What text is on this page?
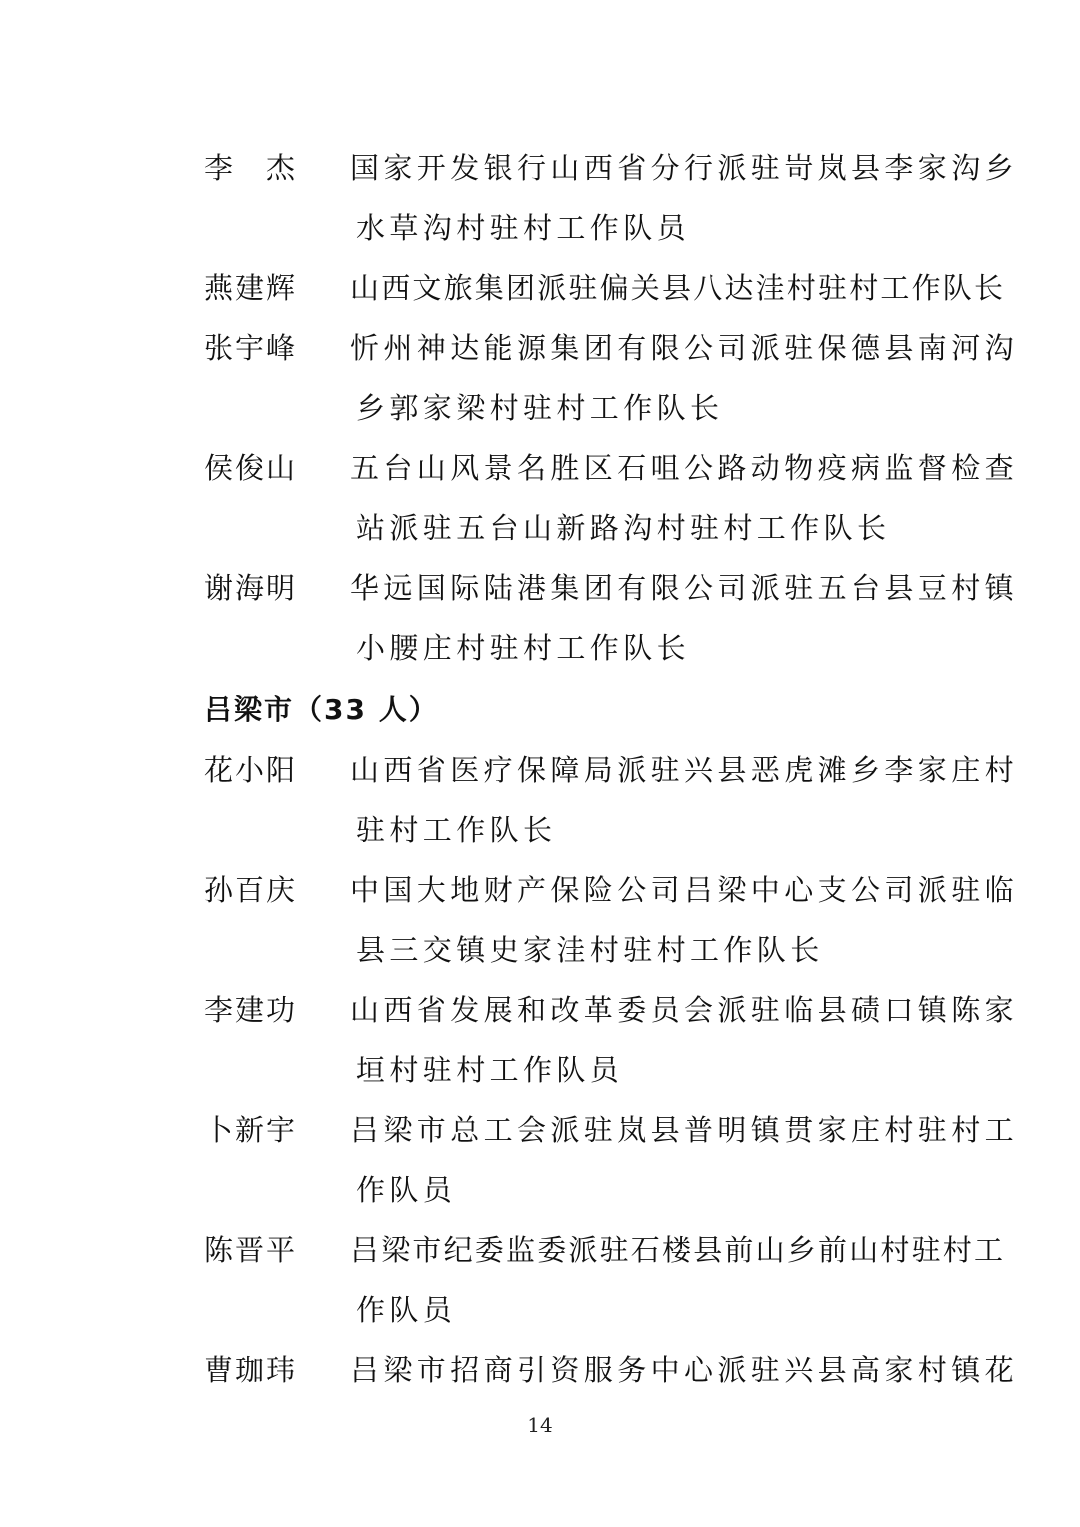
李　杰 国家开发银行山西省分行派驻岢岚县李家沟乡
水草沟村驻村工作队员
燕建辉 山西文旅集团派驻偏关县八达洼村驻村工作队长
张宇峰 忻州神达能源集团有限公司派驻保德县南河沟
乡郭家梁村驻村工作队长
侯俊山 五台山风景名胜区石咀公路动物疫病监督检查
站派驻五台山新路沟村驻村工作队长
谢海明 华远国际陆港集团有限公司派驻五台县豆村镇
小腰庄村驻村工作队长
吕梁市（33 人）
花小阳 山西省医疗保障局派驻兴县恶虎滩乡李家庄村
驻村工作队长
孙百庆 中国大地财产保险公司吕梁中心支公司派驻临
县三交镇史家洼村驻村工作队长
李建功 山西省发展和改革委员会派驻临县碛口镇陈家
垣村驻村工作队员
卜新宇 吕梁市总工会派驻岚县普明镇贯家庄村驻村工
作队员
陈晋平 吕梁市纪委监委派驻石楼县前山乡前山村驻村工
作队员
曹珈玮 吕梁市招商引资服务中心派驻兴县高家村镇花
14
